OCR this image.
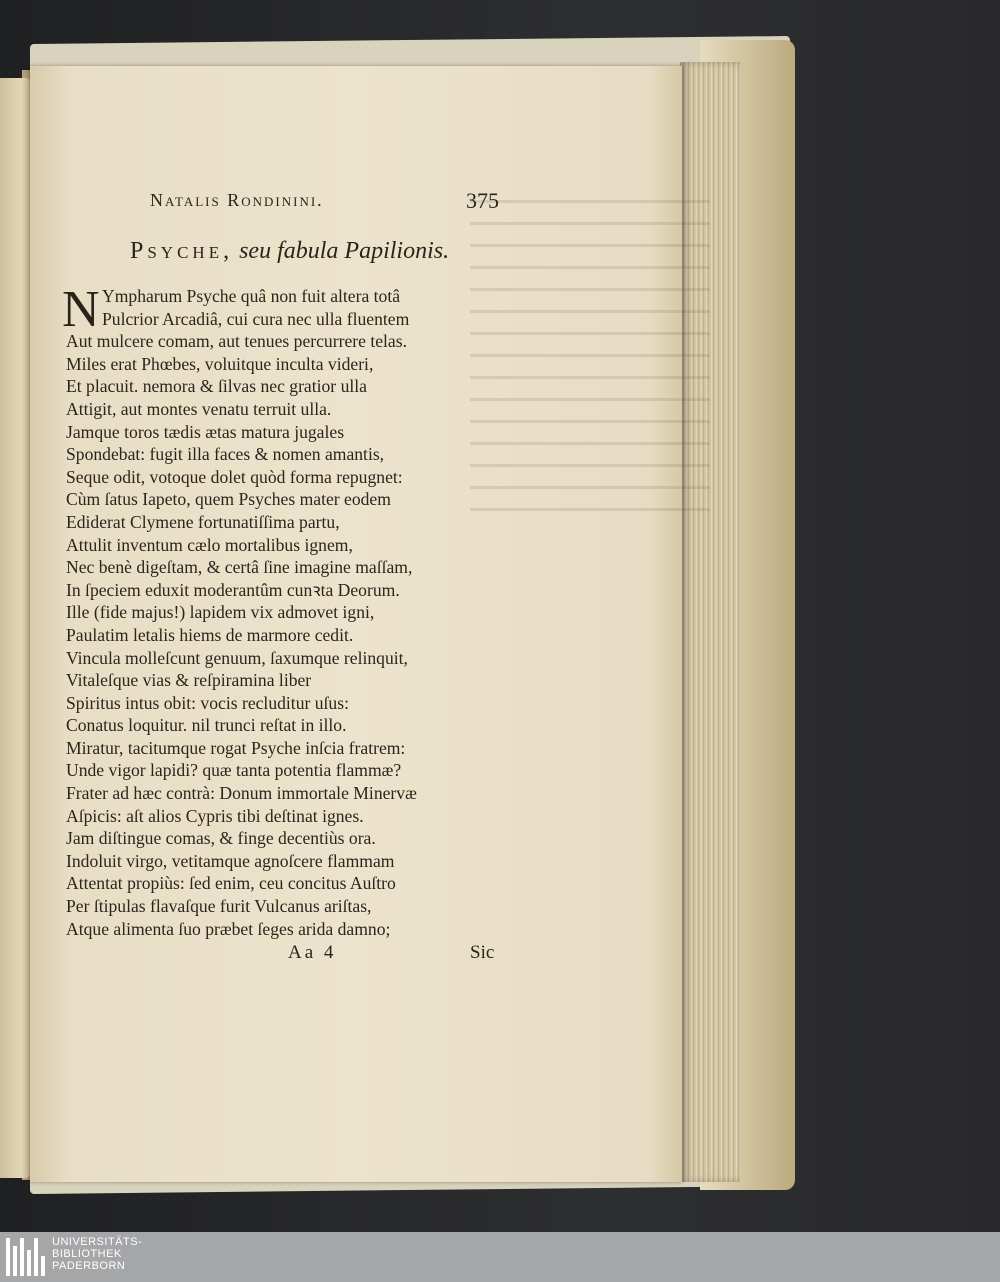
Natalis Rondinini.	375
Psyche, seu fabula Papilionis.
N Ympharum Psyche quâ non fuit altera totâ
Pulcrior Arcadiâ, cui cura nec ulla fluentem
Aut mulcere comam, aut tenues percurrere telas.
Miles erat Phœbes, voluitque inculta videri,
Et placuit. nemora & ſilvas nec gratior ulla
Attigit, aut montes venatu terruit ulla.
Jamque toros tædis ætas matura jugales
Spondebat: fugit illa faces & nomen amantis,
Seque odit, votoque dolet quòd forma repugnet:
Cùm ſatus Iapeto, quem Psyches mater eodem
Ediderat Clymene fortunatiſſima partu,
Attulit inventum cælo mortalibus ignem,
Nec benè digeſtam, & certâ ſine imagine maſſam,
In ſpeciem eduxit moderantûm cunꝛta Deorum.
Ille (fide majus!) lapidem vix admovet igni,
Paulatim letalis hiems de marmore cedit.
Vincula molleſcunt genuum, ſaxumque relinquit,
Vitaleſque vias & reſpiramina liber
Spiritus intus obit: vocis recluditur uſus:
Conatus loquitur. nil trunci reſtat in illo.
Miratur, tacitumque rogat Psyche inſcia fratrem:
Unde vigor lapidi? quæ tanta potentia flammæ?
Frater ad hæc contrà: Donum immortale Minervæ
Aſpicis: aſt alios Cypris tibi deſtinat ignes.
Jam diſtingue comas, & finge decentiùs ora.
Indoluit virgo, vetitamque agnoſcere flammam
Attentat propiùs: ſed enim, ceu concitus Auſtro
Per ſtipulas flavaſque furit Vulcanus ariſtas,
Atque alimenta ſuo præbet ſeges arida damno;
Aa 4	Sic
UNIVERSITÄTS-
BIBLIOTHEK
PADERBORN
